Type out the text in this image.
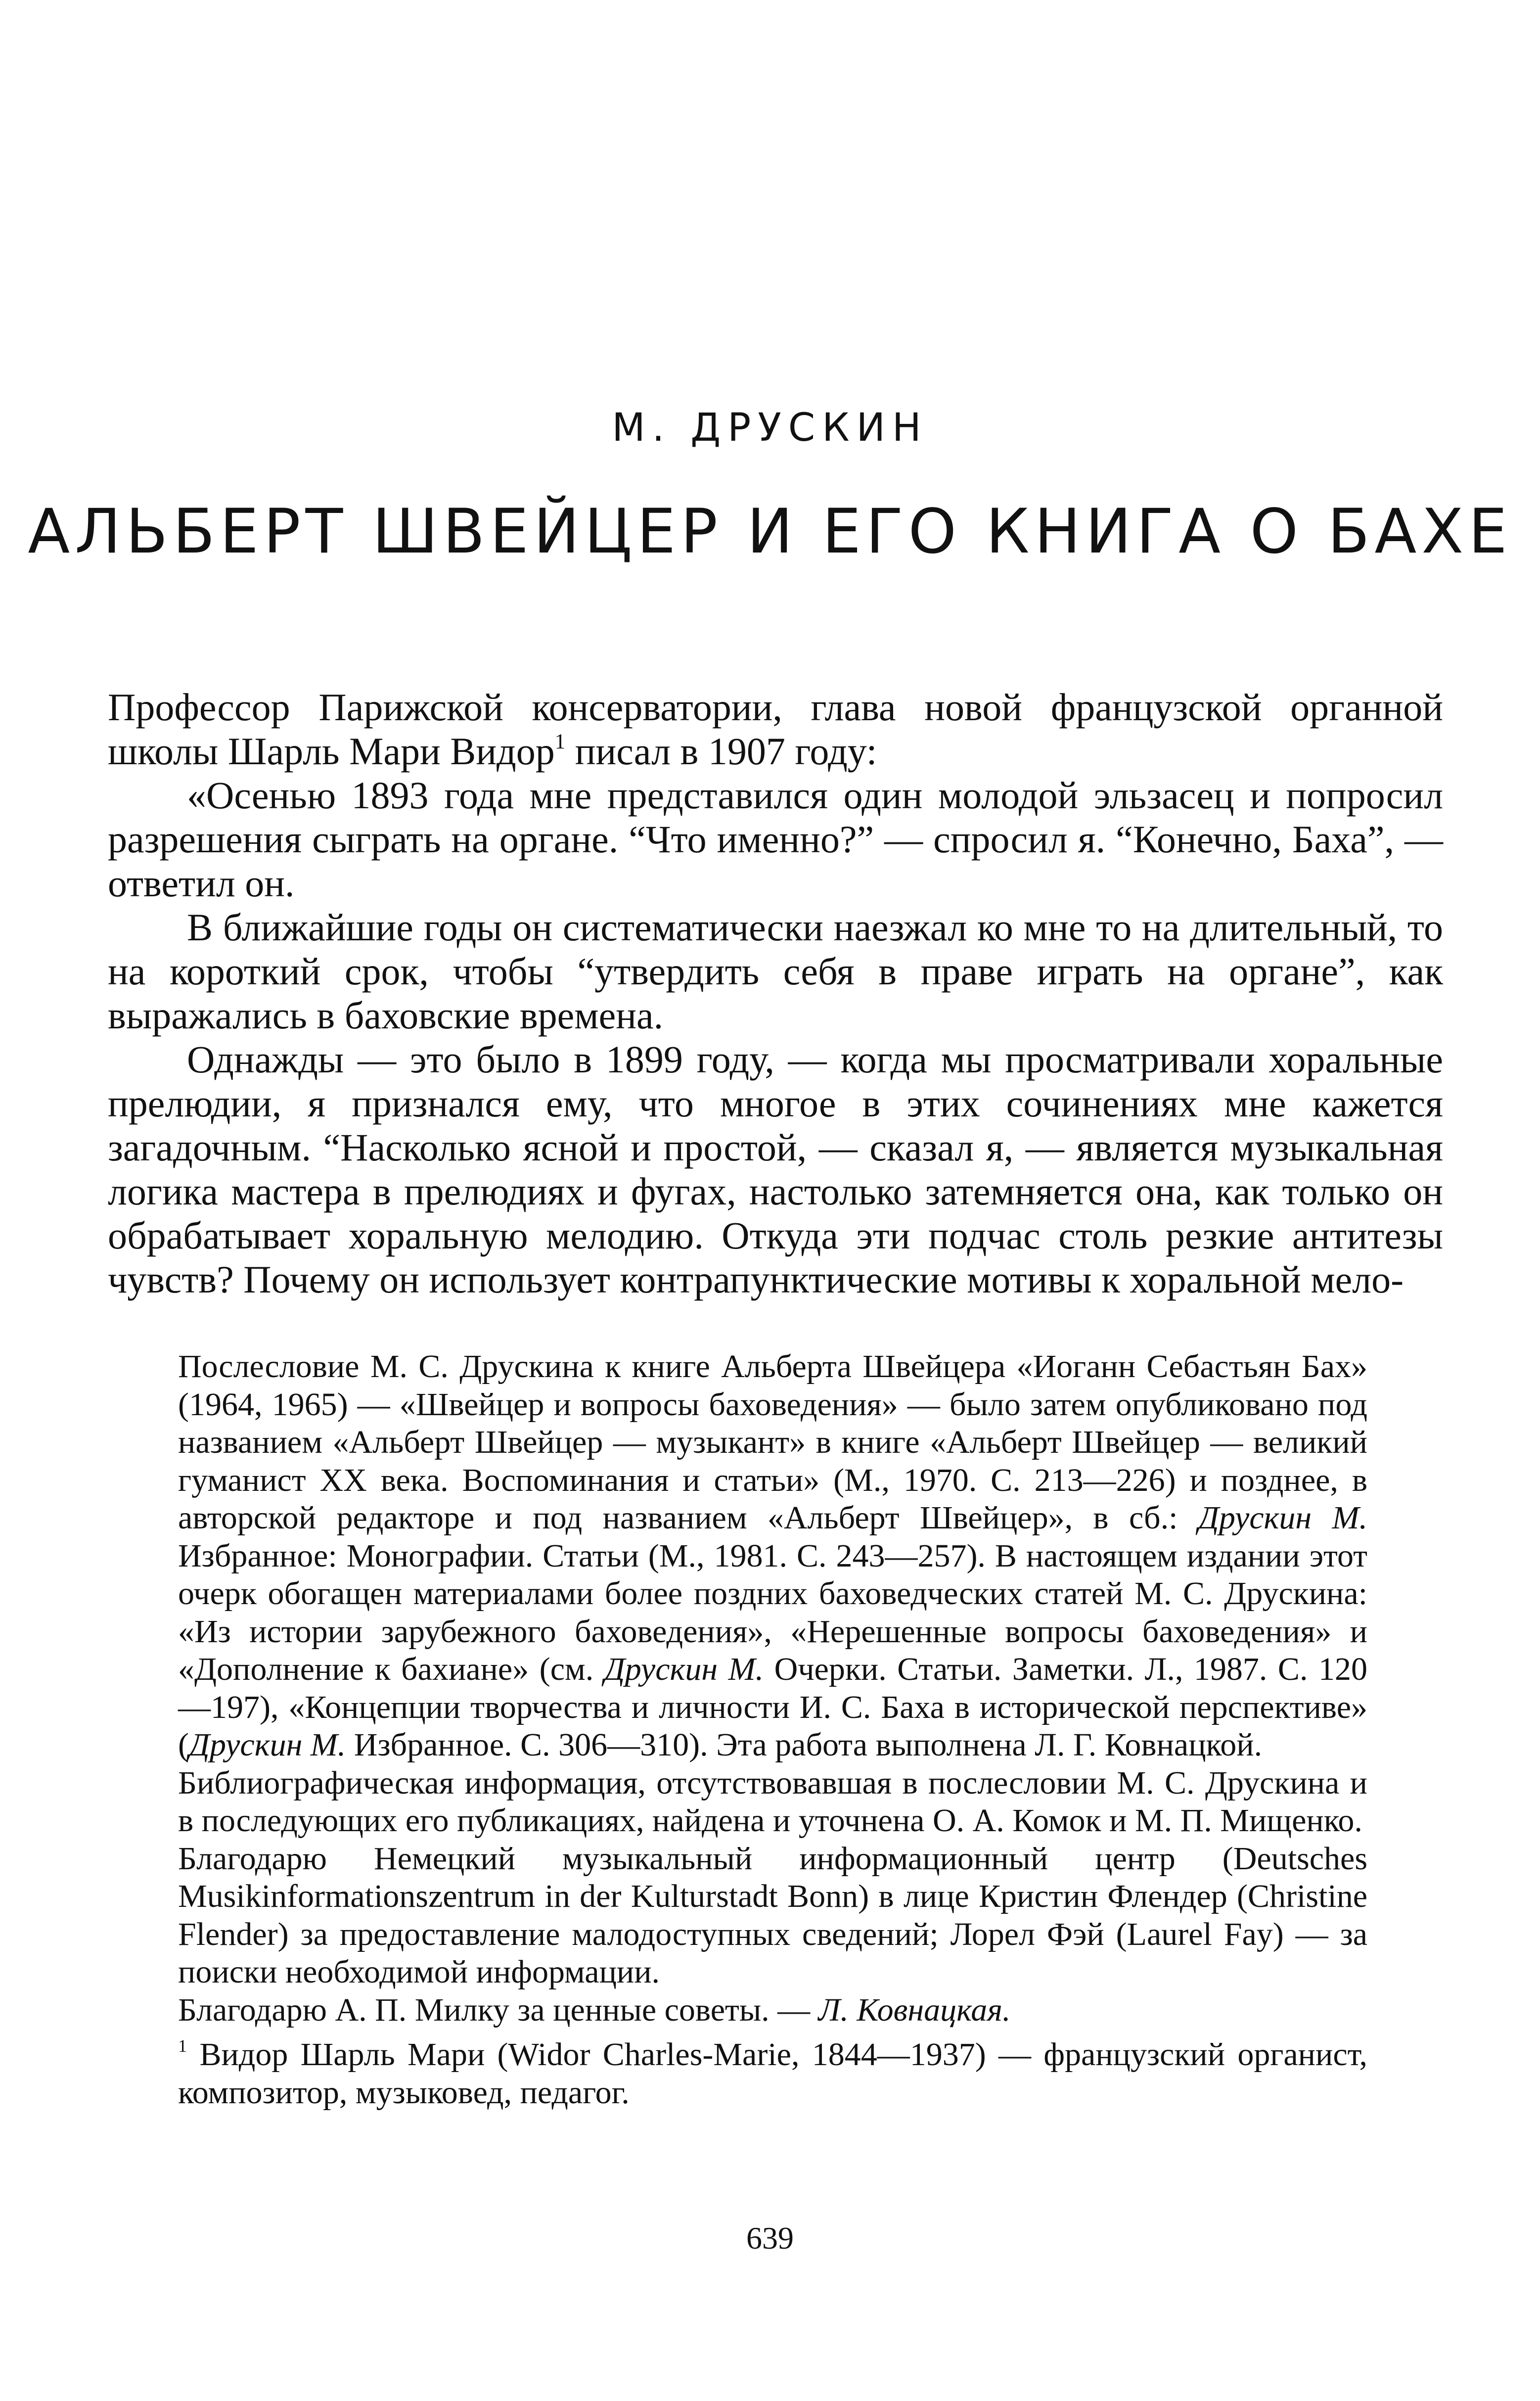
М. ДРУСКИН
АЛЬБЕРТ ШВЕЙЦЕР И ЕГО КНИГА О БАХЕ

Профессор Парижской консерватории, глава новой французской органной школы Шарль Мари Видор$^1$ писал в 1907 году:

«Осенью 1893 года мне представился один молодой эльзасец и попросил разрешения сыграть на органе. “Что именно?” — спросил я. “Конечно, Баха”, — ответил он.

В ближайшие годы он систематически наезжал ко мне то на длительный, то на короткий срок, чтобы “утвердить себя в праве играть на органе”, как выражались в баховские времена.

Однажды — это было в 1899 году, — когда мы просматривали хоральные прелюдии, я признался ему, что многое в этих сочинениях мне кажется загадочным. “Насколько ясной и простой, — сказал я, — является музыкальная логика мастера в прелюдиях и фугах, настолько затемняется она, как только он обрабатывает хоральную мелодию. Откуда эти подчас столь резкие антитезы чувств? Почему он использует контрапунктические мотивы к хоральной мело-

Послесловие М. С. Друскина к книге Альберта Швейцера «Иоганн Себастьян Бах» (1964, 1965) — «Швейцер и вопросы баховедения» — было затем опубликовано под названием «Альберт Швейцер — музыкант» в книге «Альберт Швейцер — великий гуманист XX века. Воспоминания и статьи» (М., 1970. С. 213—226) и позднее, в авторской редакторе и под названием «Альберт Швейцер», в сб.: Друскин М. Избранное: Монографии. Статьи (М., 1981. С. 243—257). В настоящем издании этот очерк обогащен материалами более поздних баховедческих статей М. С. Друскина: «Из истории зарубежного баховедения», «Нерешенные вопросы баховедения» и «Дополнение к бахиане» (см. Друскин М. Очерки. Статьи. Заметки. Л., 1987. С. 120—197), «Концепции творчества и личности И. С. Баха в исторической перспективе» (Друскин М. Избранное. С. 306—310). Эта работа выполнена Л. Г. Ковнацкой.

Библиографическая информация, отсутствовавшая в послесловии М. С. Друскина и в последующих его публикациях, найдена и уточнена О. А. Комок и М. П. Мищенко.

Благодарю Немецкий музыкальный информационный центр (Deutsches Musikinformationszentrum in der Kulturstadt Bonn) в лице Кристин Флендер (Christine Flender) за предоставление малодоступных сведений; Лорел Фэй (Laurel Fay) — за поиски необходимой информации.

Благодарю А. П. Милку за ценные советы. — Л. Ковнацкая.

$^1$ Видор Шарль Мари (Widor Charles-Marie, 1844—1937) — французский органист, композитор, музыковед, педагог.

639
